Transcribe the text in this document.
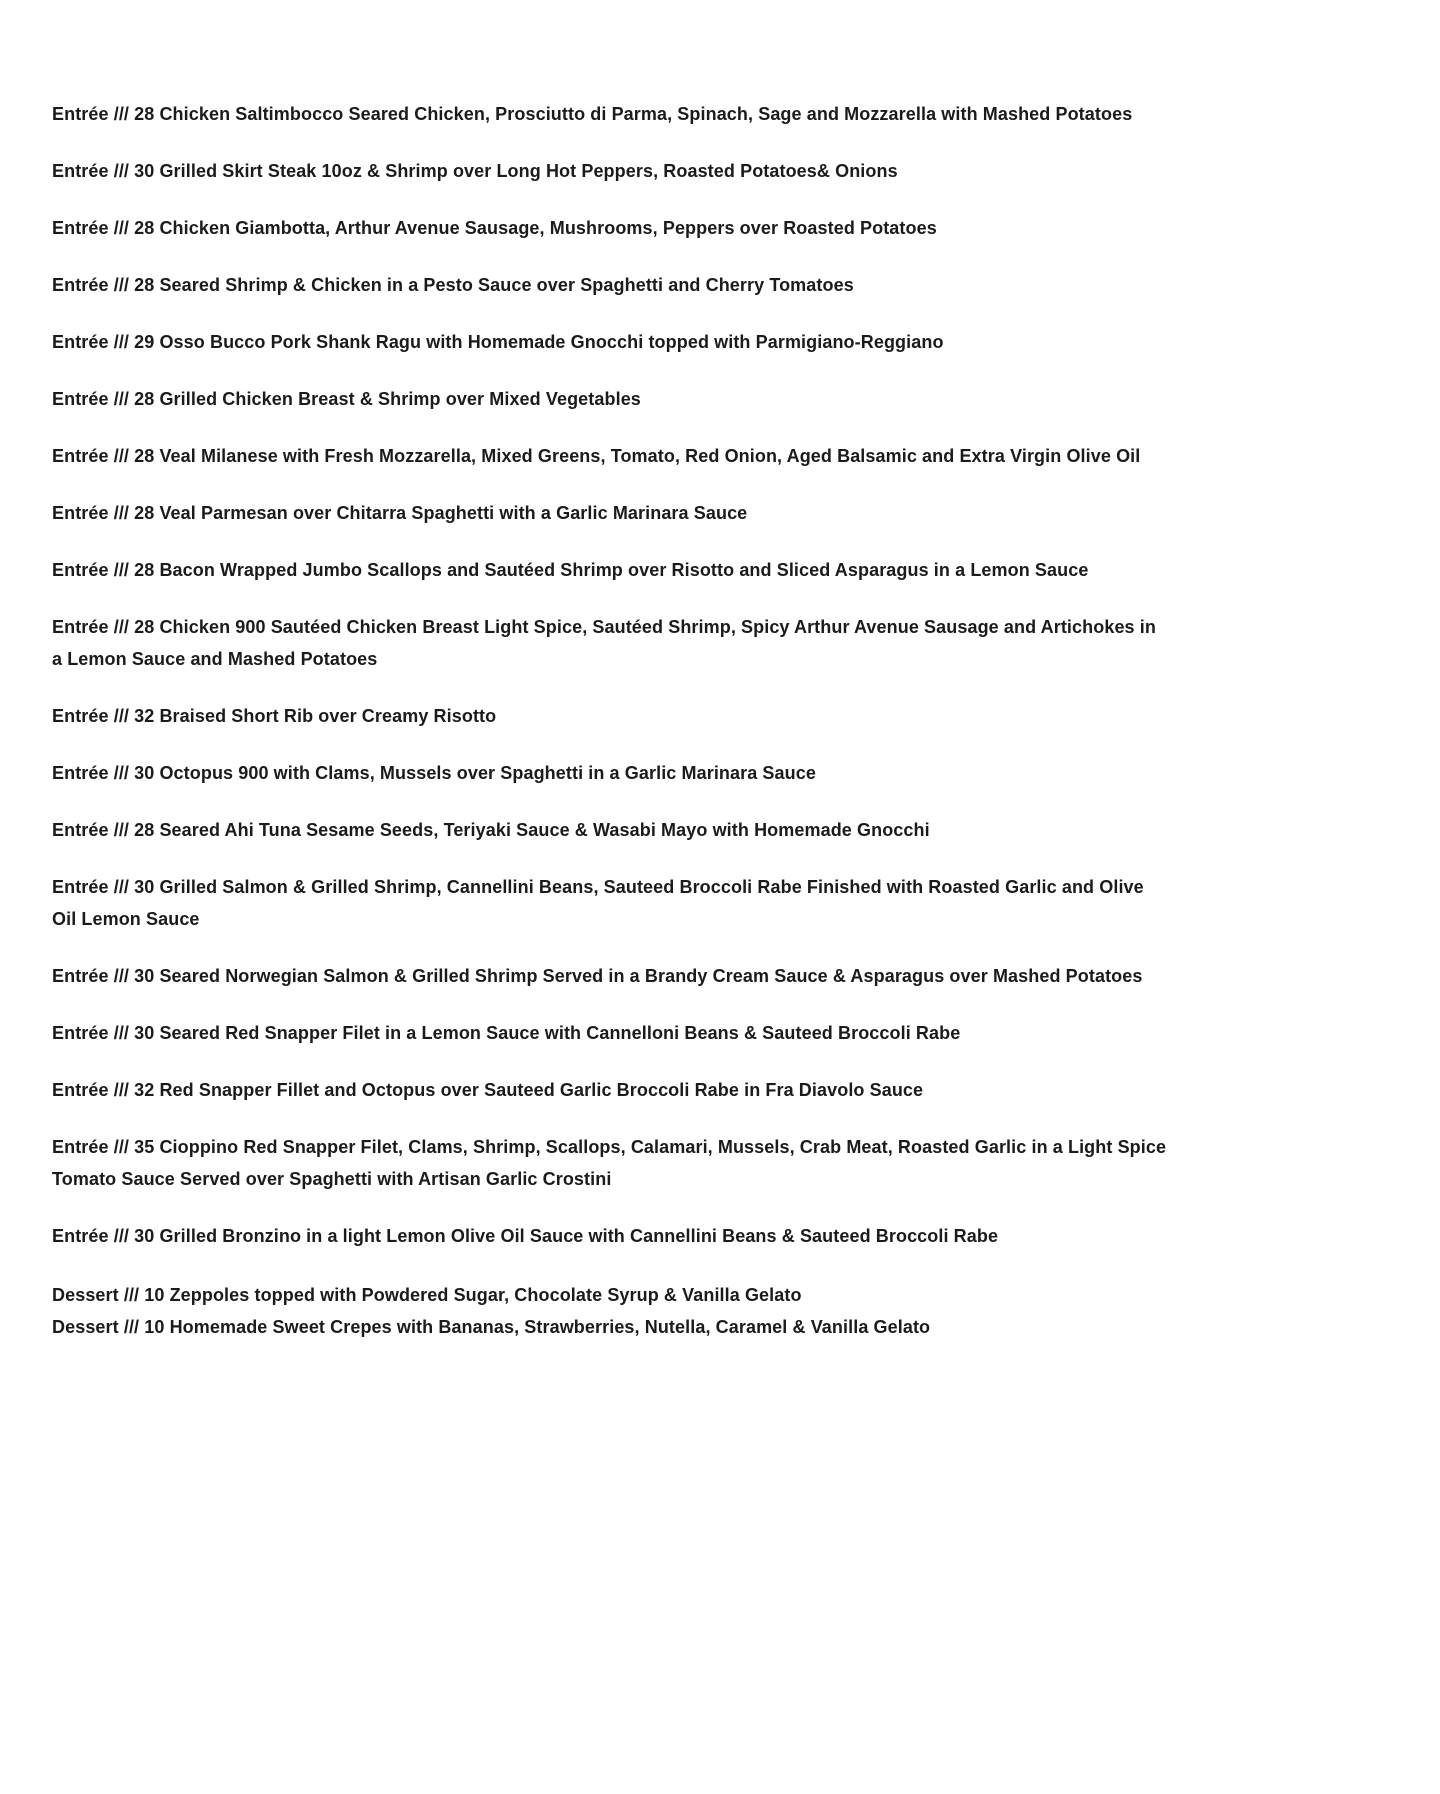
Entrée /// 28 Chicken Saltimbocco Seared Chicken, Prosciutto di Parma, Spinach, Sage and Mozzarella with Mashed Potatoes

Entrée /// 30 Grilled Skirt Steak 10oz & Shrimp over Long Hot Peppers, Roasted Potatoes& Onions

Entrée /// 28 Chicken Giambotta, Arthur Avenue Sausage, Mushrooms, Peppers over Roasted Potatoes

Entrée /// 28 Seared Shrimp & Chicken in a Pesto Sauce over Spaghetti and Cherry Tomatoes

Entrée /// 29 Osso Bucco Pork Shank Ragu with Homemade Gnocchi topped with Parmigiano-Reggiano

Entrée /// 28 Grilled Chicken Breast & Shrimp over Mixed Vegetables

Entrée /// 28 Veal Milanese with Fresh Mozzarella, Mixed Greens, Tomato, Red Onion, Aged Balsamic and Extra Virgin Olive Oil

Entrée /// 28 Veal Parmesan over Chitarra Spaghetti with a Garlic Marinara Sauce

Entrée /// 28 Bacon Wrapped Jumbo Scallops and Sautéed Shrimp over Risotto and Sliced Asparagus in a Lemon Sauce

Entrée /// 28 Chicken 900 Sautéed Chicken Breast Light Spice, Sautéed Shrimp, Spicy Arthur Avenue Sausage and Artichokes in a Lemon Sauce and Mashed Potatoes

Entrée /// 32 Braised Short Rib over Creamy Risotto

Entrée /// 30 Octopus 900 with Clams, Mussels over Spaghetti in a Garlic Marinara Sauce

Entrée /// 28 Seared Ahi Tuna Sesame Seeds, Teriyaki Sauce & Wasabi Mayo with Homemade Gnocchi

Entrée /// 30 Grilled Salmon & Grilled Shrimp, Cannellini Beans, Sauteed Broccoli Rabe Finished with Roasted Garlic and Olive Oil Lemon Sauce

Entrée /// 30 Seared Norwegian Salmon & Grilled Shrimp Served in a Brandy Cream Sauce & Asparagus over Mashed Potatoes

Entrée /// 30 Seared Red Snapper Filet in a Lemon Sauce with Cannelloni Beans & Sauteed Broccoli Rabe

Entrée /// 32 Red Snapper Fillet and Octopus over Sauteed Garlic Broccoli Rabe in Fra Diavolo Sauce

Entrée /// 35 Cioppino Red Snapper Filet, Clams, Shrimp, Scallops, Calamari, Mussels, Crab Meat, Roasted Garlic in a Light Spice Tomato Sauce Served over Spaghetti with Artisan Garlic Crostini

Entrée /// 30 Grilled Bronzino in a light Lemon Olive Oil Sauce with Cannellini Beans & Sauteed Broccoli Rabe

Dessert /// 10 Zeppoles topped with Powdered Sugar, Chocolate Syrup & Vanilla Gelato

Dessert /// 10 Homemade Sweet Crepes with Bananas, Strawberries, Nutella, Caramel & Vanilla Gelato
